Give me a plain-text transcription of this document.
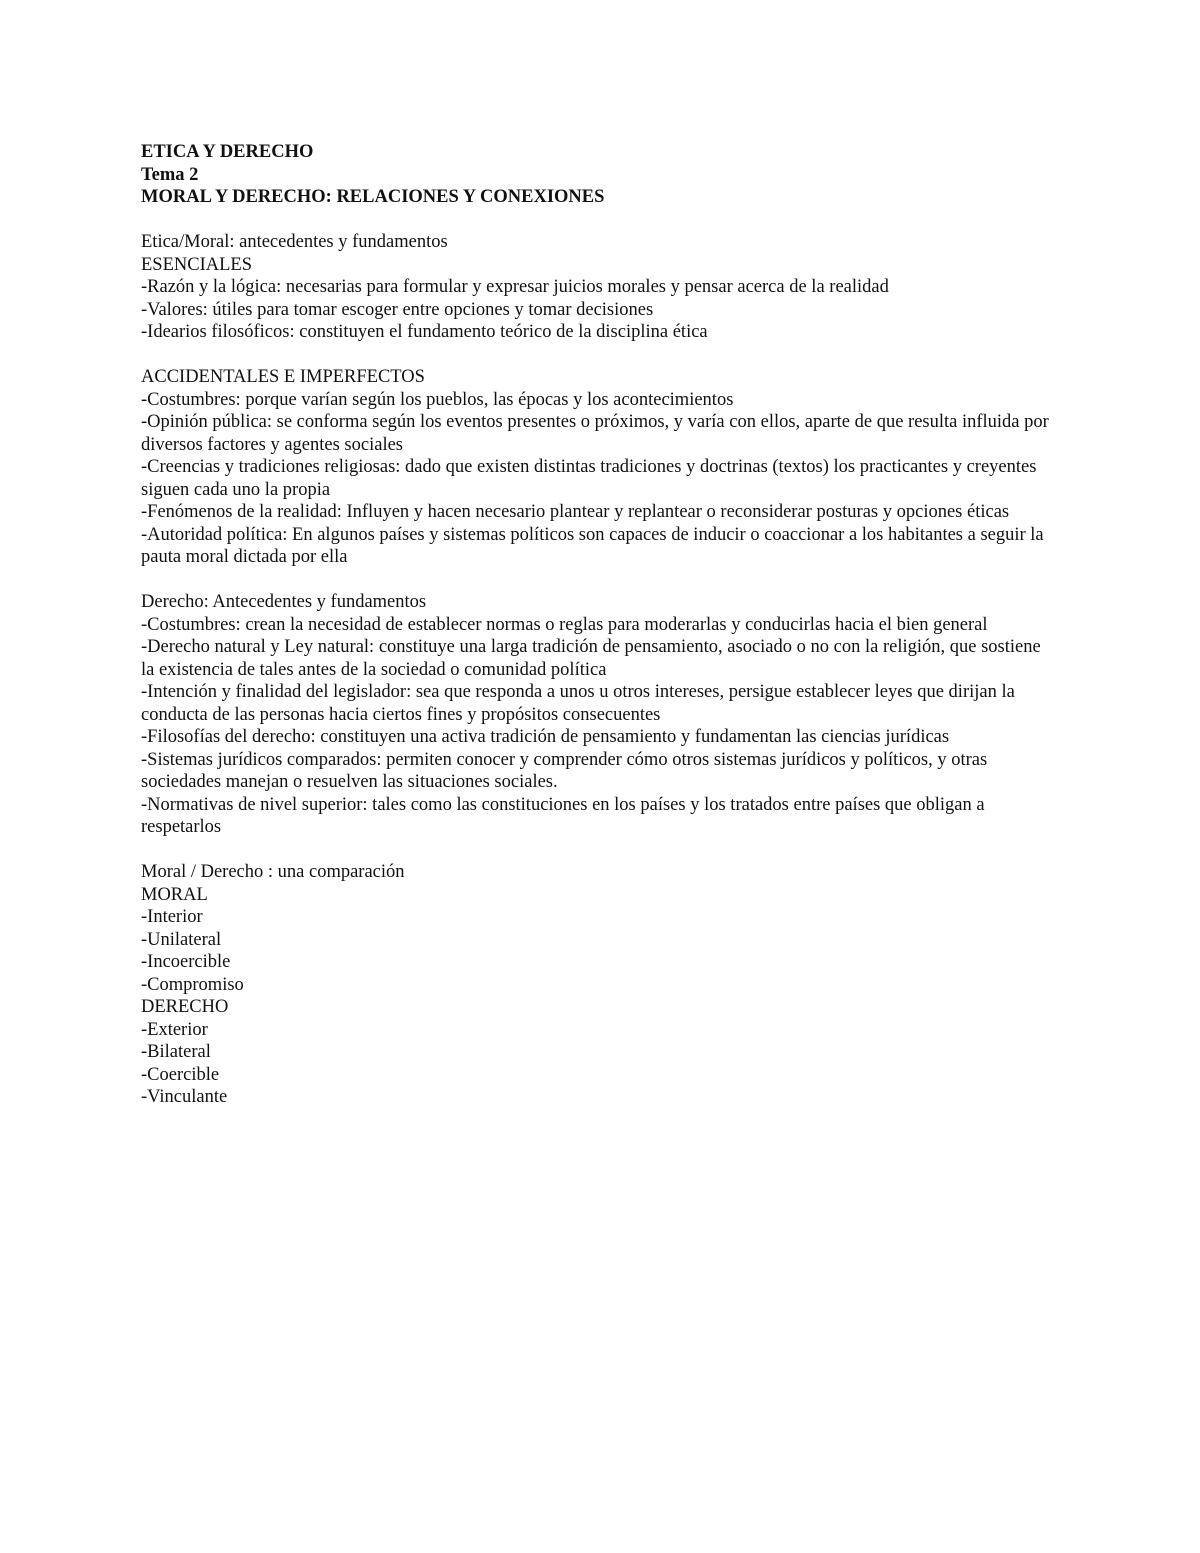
ETICA Y DERECHO
Tema 2
MORAL Y DERECHO: RELACIONES Y CONEXIONES
Etica/Moral: antecedentes y fundamentos
ESENCIALES
-Razón y la lógica: necesarias para formular y expresar juicios morales y pensar acerca de la realidad
-Valores: útiles para tomar escoger entre opciones y tomar decisiones
-Idearios filosóficos: constituyen el fundamento teórico de la disciplina ética
ACCIDENTALES E IMPERFECTOS
-Costumbres: porque varían según los pueblos, las épocas y los acontecimientos
-Opinión pública: se conforma según los eventos presentes o próximos, y varía con ellos, aparte de que resulta influida por diversos factores y agentes sociales
-Creencias y tradiciones religiosas: dado que existen distintas tradiciones y doctrinas (textos) los practicantes y creyentes siguen cada uno la propia
-Fenómenos de la realidad: Influyen y hacen necesario plantear y replantear o reconsiderar posturas y opciones éticas
-Autoridad política: En algunos países y sistemas políticos son capaces de inducir o coaccionar a los habitantes a seguir la pauta moral dictada por ella
Derecho: Antecedentes y fundamentos
-Costumbres: crean la necesidad de establecer normas o reglas para moderarlas y conducirlas hacia el bien general
-Derecho natural y Ley natural: constituye una larga tradición de pensamiento, asociado o no con la religión, que sostiene la existencia de tales antes de la sociedad o comunidad política
-Intención y finalidad del legislador: sea que responda a unos u otros intereses, persigue establecer leyes que dirijan la conducta de las personas hacia ciertos fines y propósitos consecuentes
-Filosofías del derecho: constituyen una activa tradición de pensamiento y fundamentan las ciencias jurídicas
-Sistemas jurídicos comparados: permiten conocer y comprender cómo otros sistemas jurídicos y políticos, y otras sociedades manejan o resuelven las situaciones sociales.
-Normativas de nivel superior: tales como las constituciones en los países y los tratados entre países que obligan a respetarlos
Moral / Derecho : una comparación
MORAL
-Interior
-Unilateral
-Incoercible
-Compromiso
DERECHO
-Exterior
-Bilateral
-Coercible
-Vinculante
